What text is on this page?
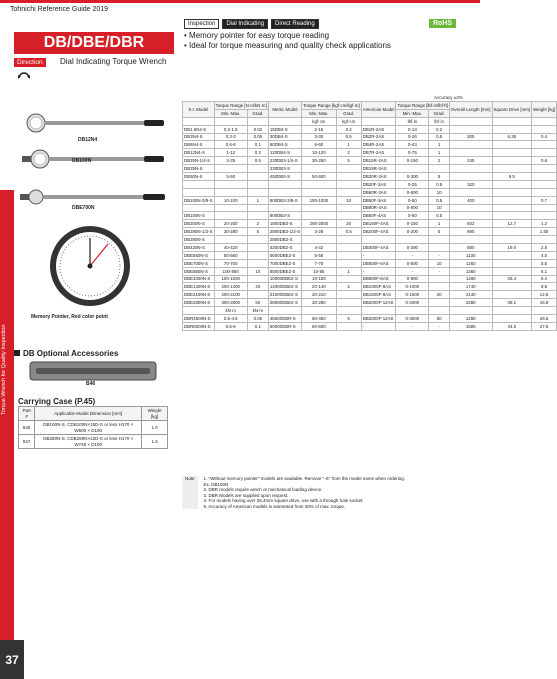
Tohnichi Reference Guide 2019
Torque Wrench for Quality Inspection
37
DB/DBE/DBR
Direction	Dial Indicating Torque Wrench
Inspection	Dial Indicating	Direct Reading	RoHS
• Memory pointer for easy torque reading
• Ideal for torque measuring and quality check applications
Accuracy ±3%
DB12N4
DB100N
DBE700N
Memory Pointer, Red color point
DB Optional Accessories
B46
Carrying Case (P.45)
Part #	Applicable Model Dimension [mm]	Weight [kg]
846	DB100N-S, CDB100N×15D-S or less H170 × W500 × D100	1.0
847	DB280N-S, CDB280N×22D-S or less H170 × W748 × D100	1.6
S.I. Model	Torque Range [N·m/kN·m]		Metric Model	Torque Range [kgf·cm/kgf·m]		American Model	Torque Range [lbf·in/lbf·ft]		Overall Length [mm]	Square Drive [mm]	Weight [kg]
	Min.-Max.	Grad.		Min.-Max.	Grad.		Min.-Max.	Grad.			
				kgf·cm	kgf·cm		lbf·in	lbf·in			
DB1.5N4-S	0.2-1.5	0.02	15DB4-S	2-15	0.2	DB1R-2AS	0-13	0.2			
DB3N4-S	0.3-3	0.05	30DB4-S	3-30	0.5	DB2R-2AS	0-26	0.5	205	6.35	0.4
DB6N4-S	0.6-6	0.1	60DB4-S	6-60	1	DB4R-2AS	0-43	1			
DB12N4-S	1-12	0.2	120DB4-S	10-120	2	DB7R-2AS	0-75	1			
DB25N-1/4-S	3-25	0.5	230DB3-1/4-S	30-250	5	DB15R-2AS	0-150	2	245		0.6
DB25N-S			230DB3-S			DB15R-3AS					
DB50N-S	5-50		450DB3-S	50-500		DB30R-3AS	0-300	5		9.5	
						DB20F-3AS	0-25	0.5	320		
						DB60R-3AS	0-600	10			
DB100N-3/8-S	10-100	1	900DB3-3/8-S	100-1000	10	DB50F-3AS	0-50	0.5	400		0.7
						DB80R-4AS	0-800	10			
DB100N-S			900DB3-S			DB60F-4AS	0-60	0.5			
DB200N-S	20-200	2	1800DB3-S	200-2000	20	DB150F-4AS	0-150	1	502	12.7	1.2
DB280N-1/2-S	30-280	5	2800DB3-1/2-S	3-28	0.5	DB200F-4AS	0-200	5	690		1.65
DB280N-S			2800DB3-S								
DB420N-S	40-420		4200DB2-S	4-42		DB300F-4AS	0-300		880	19.0	2.5
DBE560N-S	50-560		5600DBE2-S	5-56		-	-	-	1130		4.0
DBE700N-S	70-700		7000DBE2-S	7-70		DB500F-6AS	0-500	10	1260		5.5
DBE850N-S	100-850	10	8500DBE2-S	10-85	1	-	-	-	1360		6.1
DBE1000N-S	100-1000		10000DBE2-S	10-100		DB800F-6AS	0-800		1490	25.4	6.4
DBE1400N-S	200-1400	20	14000DBE2-S	20-140	2	DB1000F-8AS	0-1000		1740		8.8
DBE2100N-S	200-2100		21000DBE2-S	20-210		DB1500F-8AS	0-1500	20	2140		12.8
DBE2800N-S	300-2800	50	28000DBE2-S	30-280		DB2000F-12AS	0-2000		2280	38.1	16.8
	kN·m	kN·m									
DBR4500N-S	0.5-4.5	0.05	45000DBR-S	50-450	5	DB3000F-12AS	0-3000	50	1280		26.5
DBR6000N-S	0.6-6	0.1	60000DBR-S	60-600		-	-	-	1585	44.5	27.5
Note	1. "Without memory pointer" models are available. Remove "-S" from the model name when ordering.
Ex. DB100N
2. DBR models require winch or mechanical loading device.
3. DBR Models are supplied upon request.
4. For models having over 25.4mm square drive, use with a through hole socket.
5. Accuracy of American models is warranted from 20% of max. torque.
